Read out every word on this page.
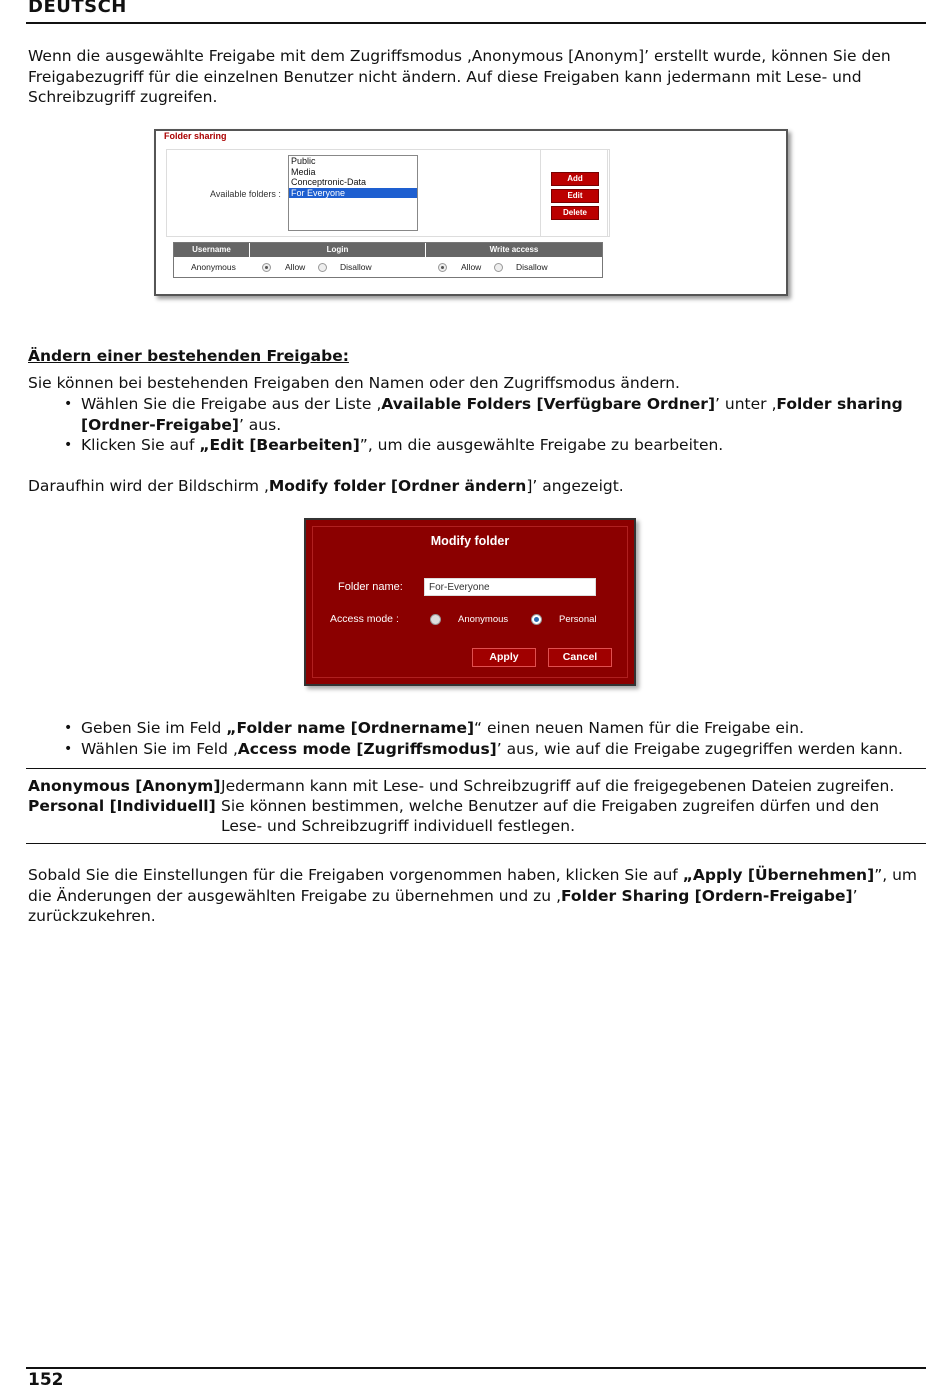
DEUTSCH

Wenn die ausgewählte Freigabe mit dem Zugriffsmodus ‚Anonymous [Anonym]’ erstellt wurde, können Sie den
Freigabezugriff für die einzelnen Benutzer nicht ändern. Auf diese Freigaben kann jedermann mit Lese- und
Schreibzugriff zugreifen.

Folder sharing
Available folders :
Public
Media
Conceptronic-Data
For Everyone
Add
Edit
Delete
Username	Login	Write access
Anonymous	Allow	Disallow	Allow	Disallow
Ändern einer bestehenden Freigabe:

Sie können bei bestehenden Freigaben den Namen oder den Zugriffsmodus ändern.

• Wählen Sie die Freigabe aus der Liste ‚Available Folders [Verfügbare Ordner]’ unter ‚Folder sharing
[Ordner-Freigabe]’ aus.
• Klicken Sie auf „Edit [Bearbeiten]”, um die ausgewählte Freigabe zu bearbeiten.

Daraufhin wird der Bildschirm ‚Modify folder [Ordner ändern]’ angezeigt.

Modify folder
Folder name:	For-Everyone
Access mode :	Anonymous	Personal
Apply	Cancel
• Geben Sie im Feld „Folder name [Ordnername]“ einen neuen Namen für die Freigabe ein.
• Wählen Sie im Feld ‚Access mode [Zugriffsmodus]’ aus, wie auf die Freigabe zugegriffen werden kann.
Anonymous [Anonym] Jedermann kann mit Lese- und Schreibzugriff auf die freigegebenen Dateien zugreifen.
Personal [Individuell] Sie können bestimmen, welche Benutzer auf die Freigaben zugreifen dürfen und den
Lese- und Schreibzugriff individuell festlegen.

Sobald Sie die Einstellungen für die Freigaben vorgenommen haben, klicken Sie auf „Apply [Übernehmen]”, um
die Änderungen der ausgewählten Freigabe zu übernehmen und zu ‚Folder Sharing [Ordern-Freigabe]’
zurückzukehren.

152
